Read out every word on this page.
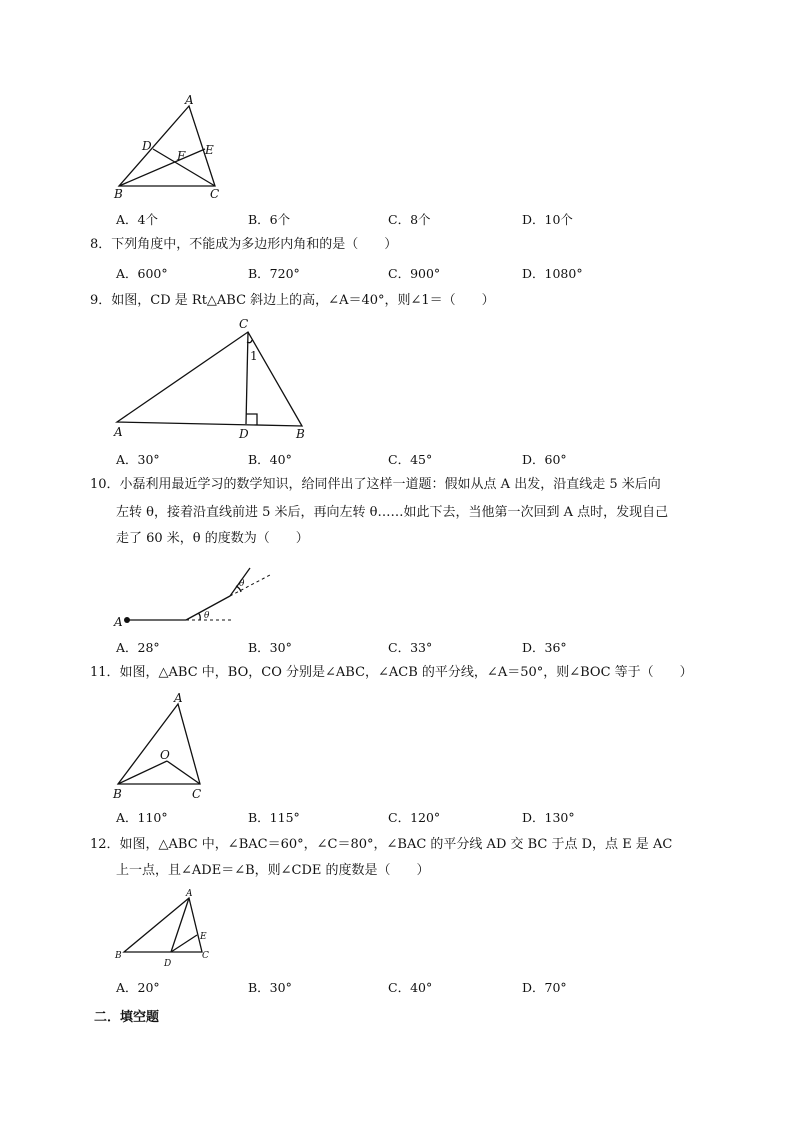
A
D
F E
B	C
A．4个	B．6个	C．8个	D．10个
8．下列角度中，不能成为多边形内角和的是（　　）
A．600°	B．720°	C．900°	D．1080°
9．如图，CD 是 Rt△ABC 斜边上的高，∠A＝40°，则∠1＝（　　）
C
1
A	D	B
A．30°	B．40°	C．45°	D．60°
10．小磊利用最近学习的数学知识，给同伴出了这样一道题：假如从点 A 出发，沿直线走 5 米后向
左转 θ，接着沿直线前进 5 米后，再向左转 θ……如此下去，当他第一次回到 A 点时，发现自己
走了 60 米，θ 的度数为（　　）
A	θ
θ
A．28°	B．30°	C．33°	D．36°
11．如图，△ABC 中，BO，CO 分别是∠ABC，∠ACB 的平分线，∠A＝50°，则∠BOC 等于（　　）
A
O
B	C
A．110°	B．115°	C．120°	D．130°
12．如图，△ABC 中，∠BAC＝60°，∠C＝80°，∠BAC 的平分线 AD 交 BC 于点 D，点 E 是 AC
上一点，且∠ADE＝∠B，则∠CDE 的度数是（　　）
A
E
B	C
D
A．20°	B．30°	C．40°	D．70°
二．填空题
